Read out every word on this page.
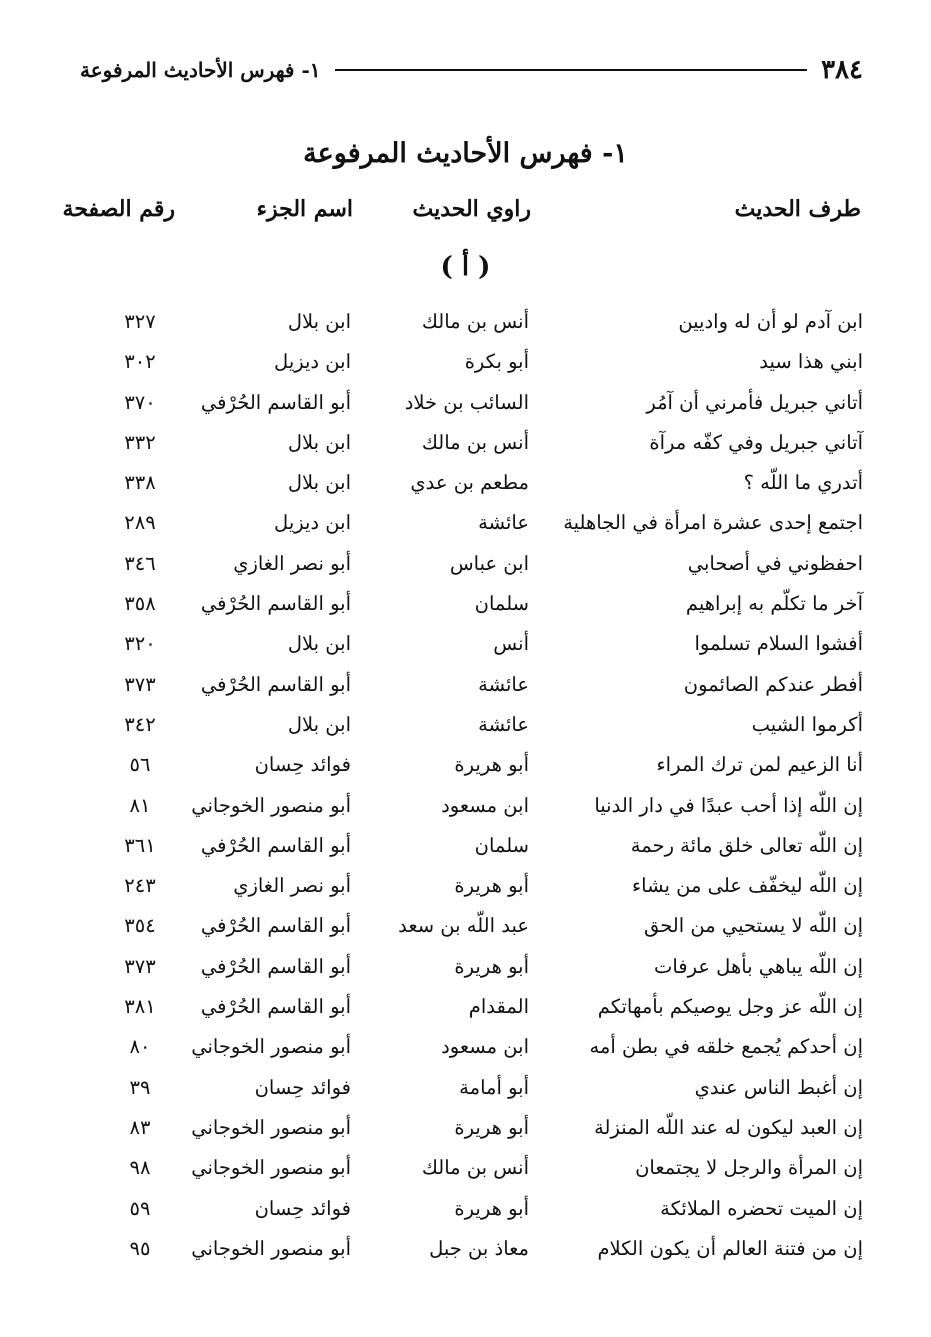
٣٨٤
١- فهرس الأحاديث المرفوعة
١- فهرس الأحاديث المرفوعة
طرف الحديث
راوي الحديث
اسم الجزء
رقم الصفحة
( أ )
ابن آدم لو أن له واديين
أنس بن مالك
ابن بلال
٣٢٧
ابني هذا سيد
أبو بكرة
ابن ديزيل
٣٠٢
أتاني جبريل فأمرني أن آمُر
السائب بن خلاد
أبو القاسم الحُرْفي
٣٧٠
آتاني جبريل وفي كفّه مرآة
أنس بن مالك
ابن بلال
٣٣٢
أتدري ما اللّه ؟
مطعم بن عدي
ابن بلال
٣٣٨
اجتمع إحدى عشرة امرأة في الجاهلية
عائشة
ابن ديزيل
٢٨٩
احفظوني في أصحابي
ابن عباس
أبو نصر الغازي
٣٤٦
آخر ما تكلّم به إبراهيم
سلمان
أبو القاسم الحُرْفي
٣٥٨
أفشوا السلام تسلموا
أنس
ابن بلال
٣٢٠
أفطر عندكم الصائمون
عائشة
أبو القاسم الحُرْفي
٣٧٣
أكرموا الشيب
عائشة
ابن بلال
٣٤٢
أنا الزعيم لمن ترك المراء
أبو هريرة
فوائد حِسان
٥٦
إن اللّه إذا أحب عبدًا في دار الدنيا
ابن مسعود
أبو منصور الخوجاني
٨١
إن اللّه تعالى خلق مائة رحمة
سلمان
أبو القاسم الحُرْفي
٣٦١
إن اللّه ليخفّف على من يشاء
أبو هريرة
أبو نصر الغازي
٢٤٣
إن اللّه لا يستحيي من الحق
عبد اللّه بن سعد
أبو القاسم الحُرْفي
٣٥٤
إن اللّه يباهي بأهل عرفات
أبو هريرة
أبو القاسم الحُرْفي
٣٧٣
إن اللّه عز وجل يوصيكم بأمهاتكم
المقدام
أبو القاسم الحُرْفي
٣٨١
إن أحدكم يُجمع خلقه في بطن أمه
ابن مسعود
أبو منصور الخوجاني
٨٠
إن أغبط الناس عندي
أبو أمامة
فوائد حِسان
٣٩
إن العبد ليكون له عند اللّه المنزلة
أبو هريرة
أبو منصور الخوجاني
٨٣
إن المرأة والرجل لا يجتمعان
أنس بن مالك
أبو منصور الخوجاني
٩٨
إن الميت تحضره الملائكة
أبو هريرة
فوائد حِسان
٥٩
إن من فتنة العالم أن يكون الكلام
معاذ بن جبل
أبو منصور الخوجاني
٩٥
